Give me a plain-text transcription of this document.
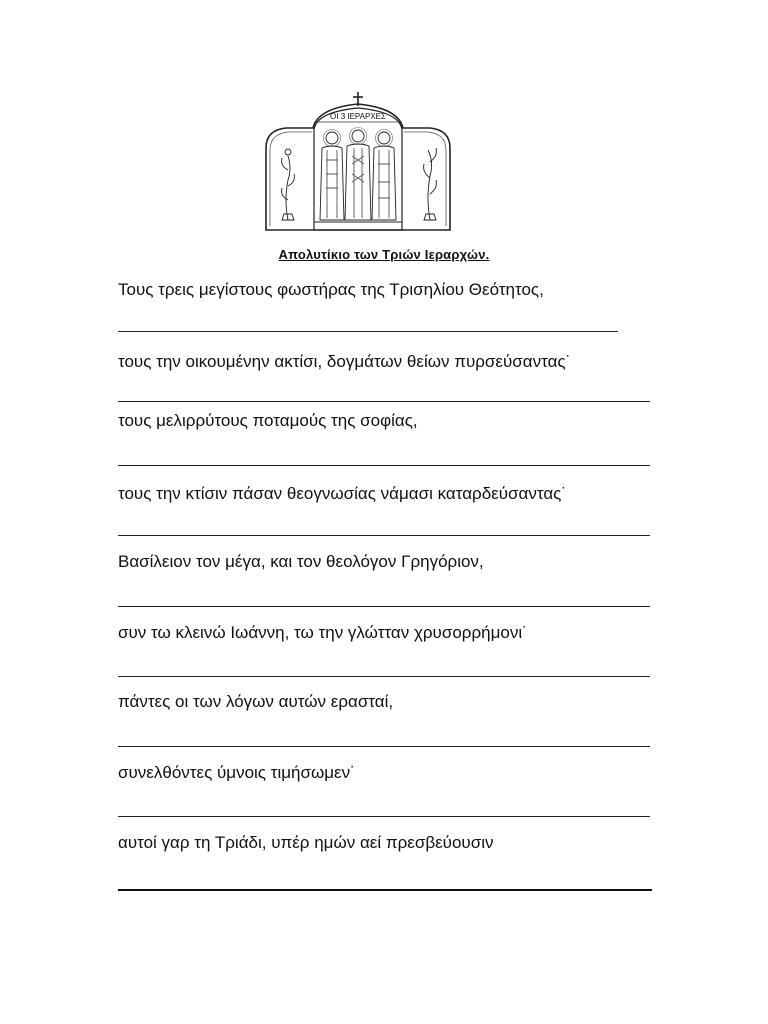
ΟΙ 3 ΙΕΡΑΡΧΕΣ
Απολυτίκιο των Τριών Ιεραρχών.
Τους τρεις μεγίστους φωστήρας της Τρισηλίου Θεότητος,
τους την οικουμένην ακτίσι, δογμάτων θείων πυρσεύσαντας˙
τους μελιρρύτους ποταμούς της σοφίας,
τους την κτίσιν πάσαν θεογνωσίας νάμασι καταρδεύσαντας˙
Βασίλειον τον μέγα, και τον θεολόγον Γρηγόριον,
συν τω κλεινώ Ιωάννη, τω την γλώτταν χρυσορρήμονι˙
πάντες οι των λόγων αυτών ερασταί,
συνελθόντες ύμνοις τιμήσωμεν˙
αυτοί γαρ τη Τριάδι, υπέρ ημών αεί πρεσβεύουσιν
